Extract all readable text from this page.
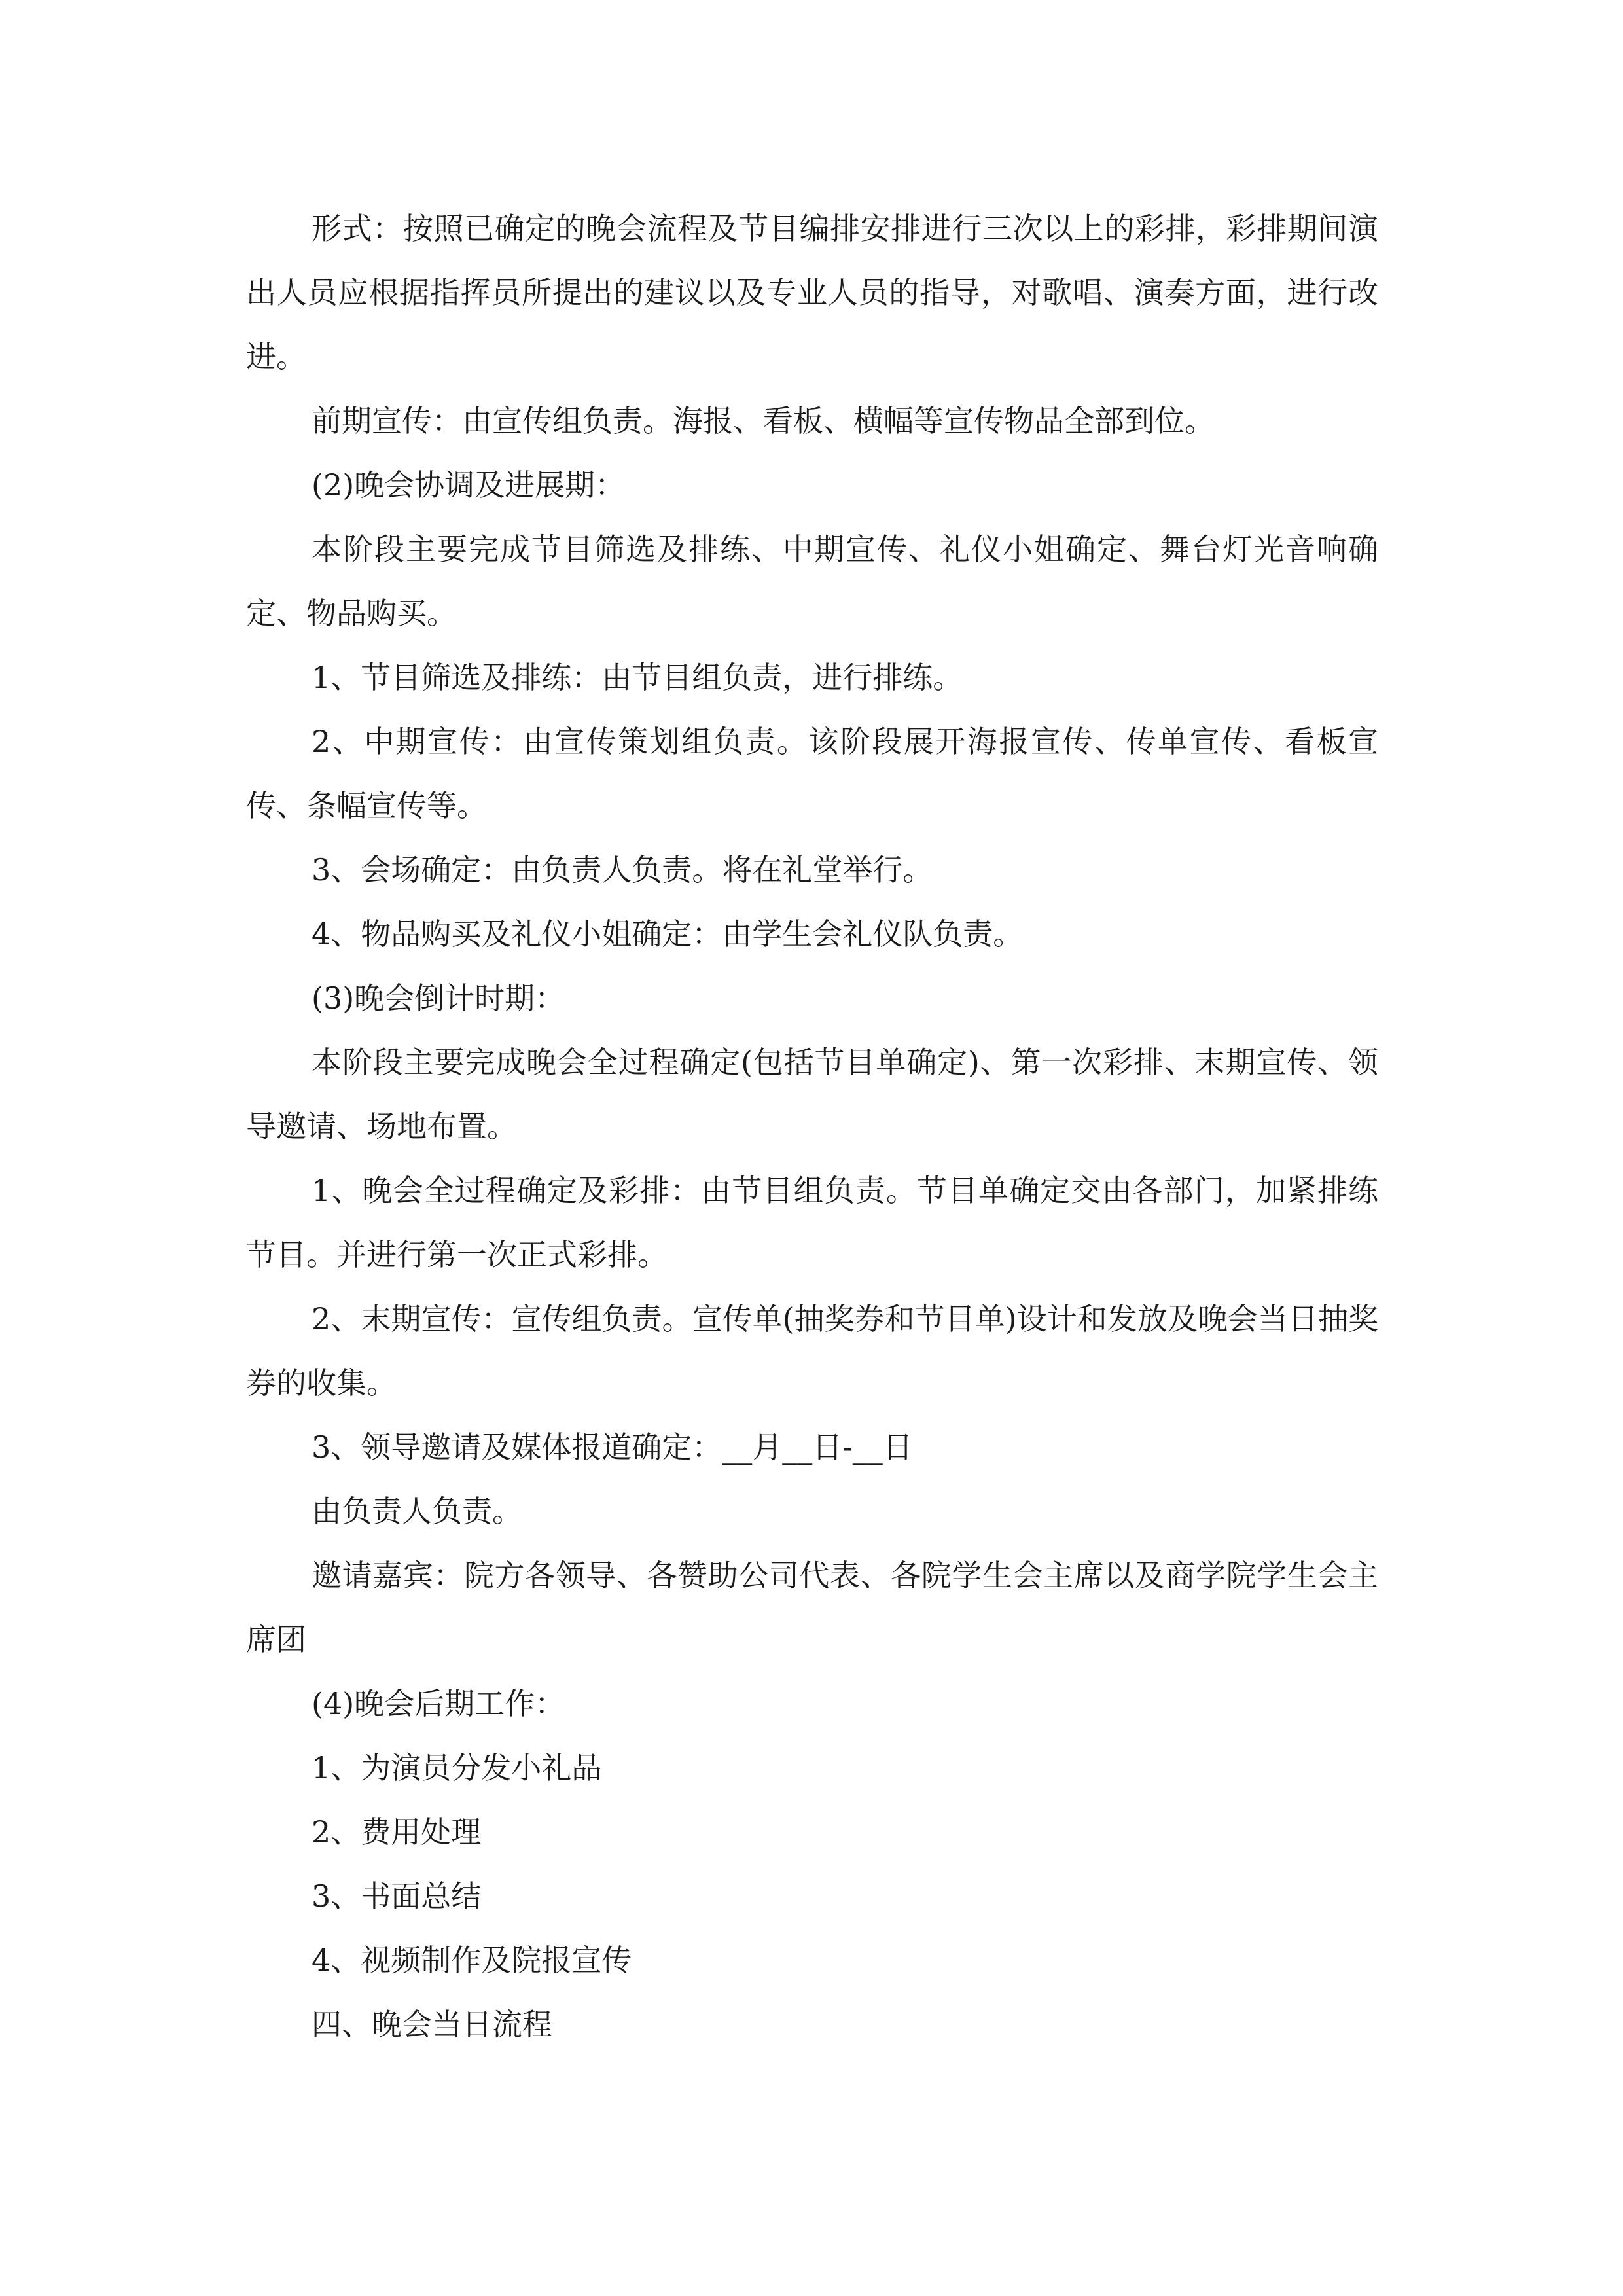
形式：按照已确定的晚会流程及节目编排安排进行三次以上的彩排，彩排期间演出人员应根据指挥员所提出的建议以及专业人员的指导，对歌唱、演奏方面，进行改进。

前期宣传：由宣传组负责。海报、看板、横幅等宣传物品全部到位。

(2)晚会协调及进展期：

本阶段主要完成节目筛选及排练、中期宣传、礼仪小姐确定、舞台灯光音响确定、物品购买。

1、节目筛选及排练：由节目组负责，进行排练。

2、中期宣传：由宣传策划组负责。该阶段展开海报宣传、传单宣传、看板宣传、条幅宣传等。

3、会场确定：由负责人负责。将在礼堂举行。

4、物品购买及礼仪小姐确定：由学生会礼仪队负责。

(3)晚会倒计时期：

本阶段主要完成晚会全过程确定(包括节目单确定)、第一次彩排、末期宣传、领导邀请、场地布置。

1、晚会全过程确定及彩排：由节目组负责。节目单确定交由各部门，加紧排练节目。并进行第一次正式彩排。

2、末期宣传：宣传组负责。宣传单(抽奖券和节目单)设计和发放及晚会当日抽奖券的收集。

3、领导邀请及媒体报道确定：__月__日-__日

由负责人负责。

邀请嘉宾：院方各领导、各赞助公司代表、各院学生会主席以及商学院学生会主席团

(4)晚会后期工作：

1、为演员分发小礼品

2、费用处理

3、书面总结

4、视频制作及院报宣传

四、晚会当日流程
